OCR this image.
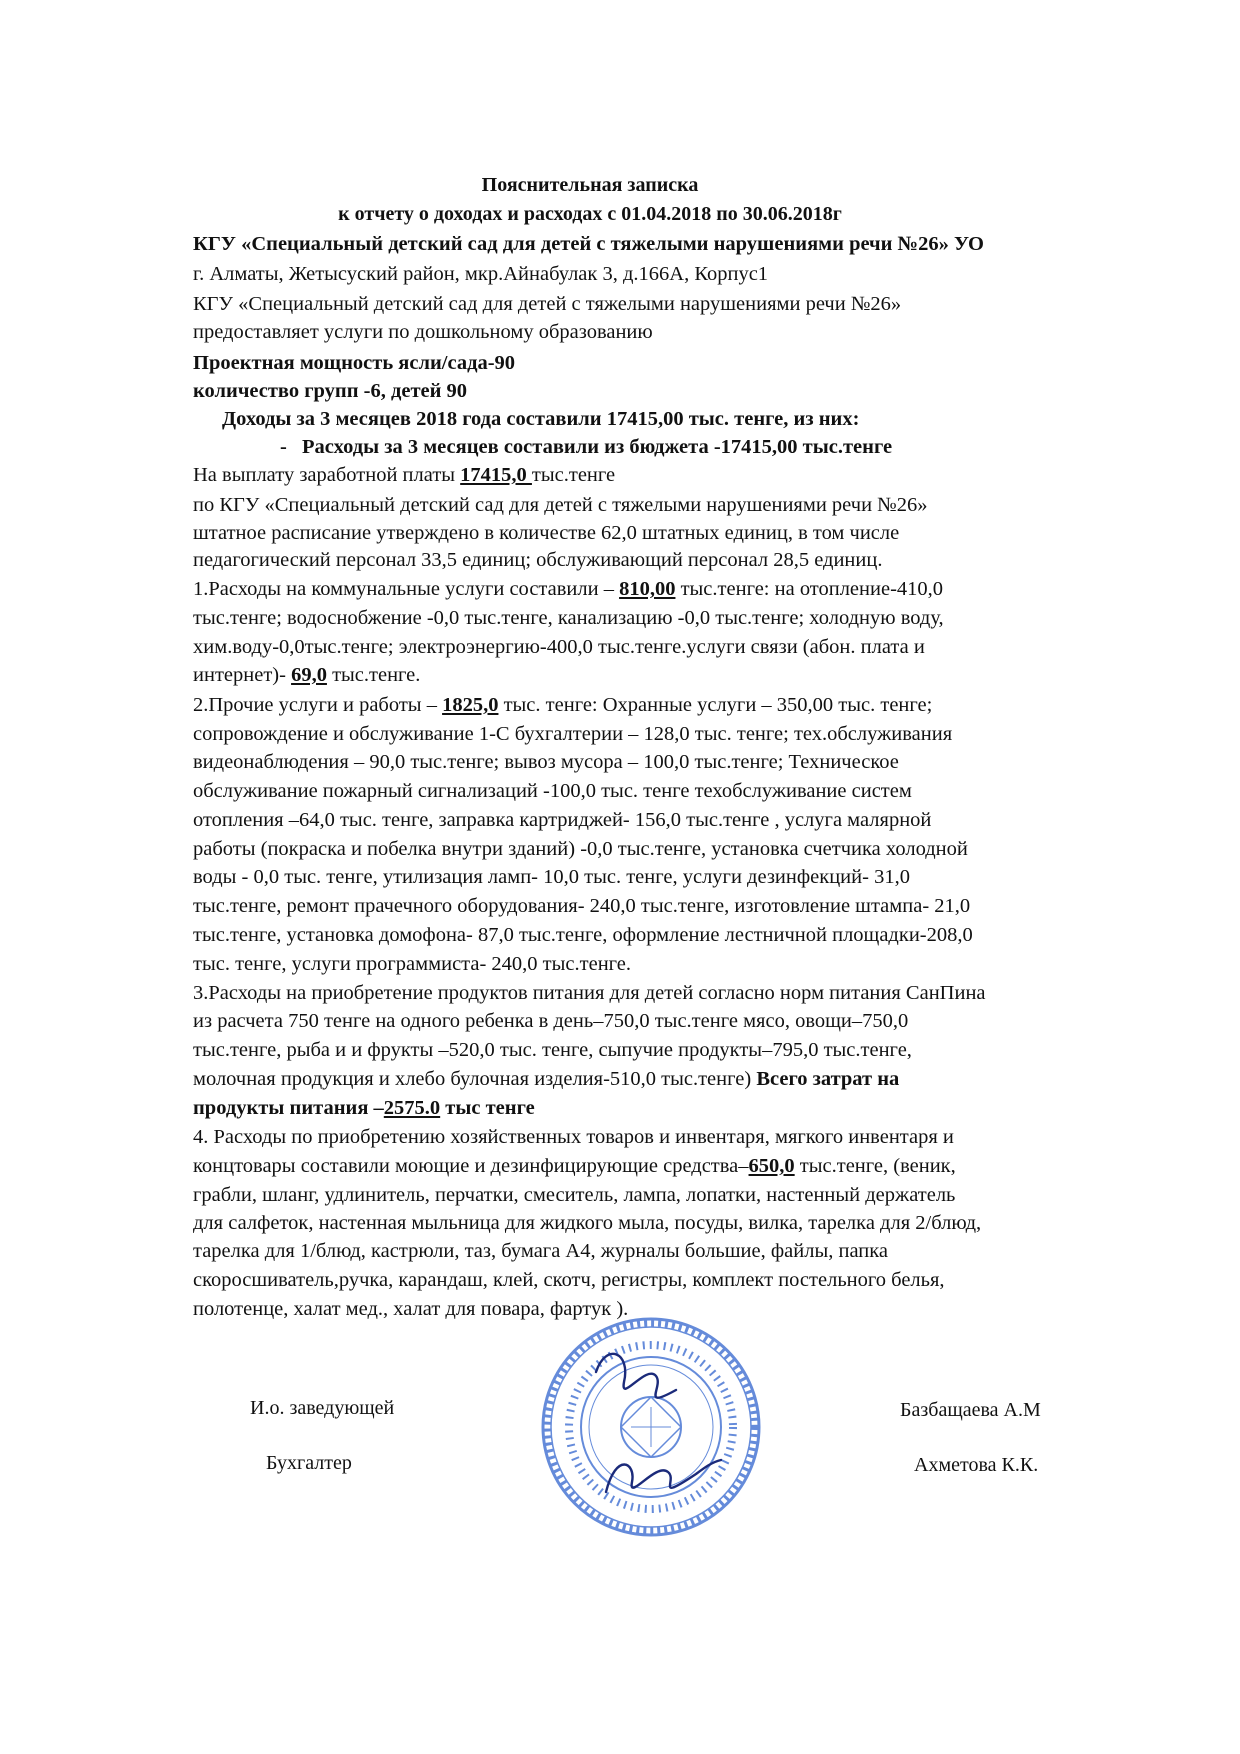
Пояснительная записка
к отчету о доходах и расходах с 01.04.2018 по 30.06.2018г
КГУ «Специальный детский сад для детей с тяжелыми нарушениями речи №26» УО
г. Алматы, Жетысуский район, мкр.Айнабулак 3, д.166А, Корпус1
КГУ «Специальный детский сад для детей с тяжелыми нарушениями речи №26»
предоставляет услуги по дошкольному образованию
Проектная мощность ясли/сада-90
количество групп -6, детей 90
Доходы за 3 месяцев 2018 года составили 17415,00 тыс. тенге, из них:
- Расходы за 3 месяцев составили из бюджета -17415,00 тыс.тенге
На выплату заработной платы 17415,0 тыс.тенге
по КГУ «Специальный детский сад для детей с тяжелыми нарушениями речи №26»
штатное расписание утверждено в количестве 62,0 штатных единиц, в том числе
педагогический персонал 33,5 единиц; обслуживающий персонал 28,5 единиц.
1.Расходы на коммунальные услуги составили – 810,00 тыс.тенге: на отопление-410,0
тыс.тенге; водоснобжение -0,0 тыс.тенге, канализацию -0,0 тыс.тенге; холодную воду,
хим.воду-0,0тыс.тенге; электроэнергию-400,0 тыс.тенге.услуги связи (абон. плата и
интернет)- 69,0 тыс.тенге.
2.Прочие услуги и работы – 1825,0 тыс. тенге: Охранные услуги – 350,00 тыс. тенге;
сопровождение и обслуживание 1-С бухгалтерии – 128,0 тыс. тенге; тех.обслуживания
видеонаблюдения – 90,0 тыс.тенге; вывоз мусора – 100,0 тыс.тенге; Техническое
обслуживание пожарный сигнализаций -100,0 тыс. тенге техобслуживание систем
отопления –64,0 тыс. тенге, заправка картриджей- 156,0 тыс.тенге , услуга малярной
работы (покраска и побелка внутри зданий) -0,0 тыс.тенге, установка счетчика холодной
воды - 0,0 тыс. тенге, утилизация ламп- 10,0 тыс. тенге, услуги дезинфекций- 31,0
тыс.тенге, ремонт прачечного оборудования- 240,0 тыс.тенге, изготовление штампа- 21,0
тыс.тенге, установка домофона- 87,0 тыс.тенге, оформление лестничной площадки-208,0
тыс. тенге, услуги программиста- 240,0 тыс.тенге.
3.Расходы на приобретение продуктов питания для детей согласно норм питания СанПина
из расчета 750 тенге на одного ребенка в день–750,0 тыс.тенге мясо, овощи–750,0
тыс.тенге, рыба и и фрукты –520,0 тыс. тенге, сыпучие продукты–795,0 тыс.тенге,
молочная продукция и хлебо булочная изделия-510,0 тыс.тенге) Всего затрат на
продукты питания –2575.0 тыс тенге
4. Расходы по приобретению хозяйственных товаров и инвентаря, мягкого инвентаря и
концтовары составили моющие и дезинфицирующие средства–650,0 тыс.тенге, (веник,
грабли, шланг, удлинитель, перчатки, смеситель, лампа, лопатки, настенный держатель
для салфеток, настенная мыльница для жидкого мыла, посуды, вилка, тарелка для 2/блюд,
тарелка для 1/блюд, кастрюли, таз, бумага А4, журналы большие, файлы, папка
скоросшиватель,ручка, карандаш, клей, скотч, регистры, комплект постельного белья,
полотенце, халат мед., халат для повара, фартук ).
И.о. заведующей	Базбащаева А.М
Бухгалтер	Ахметова К.К.
